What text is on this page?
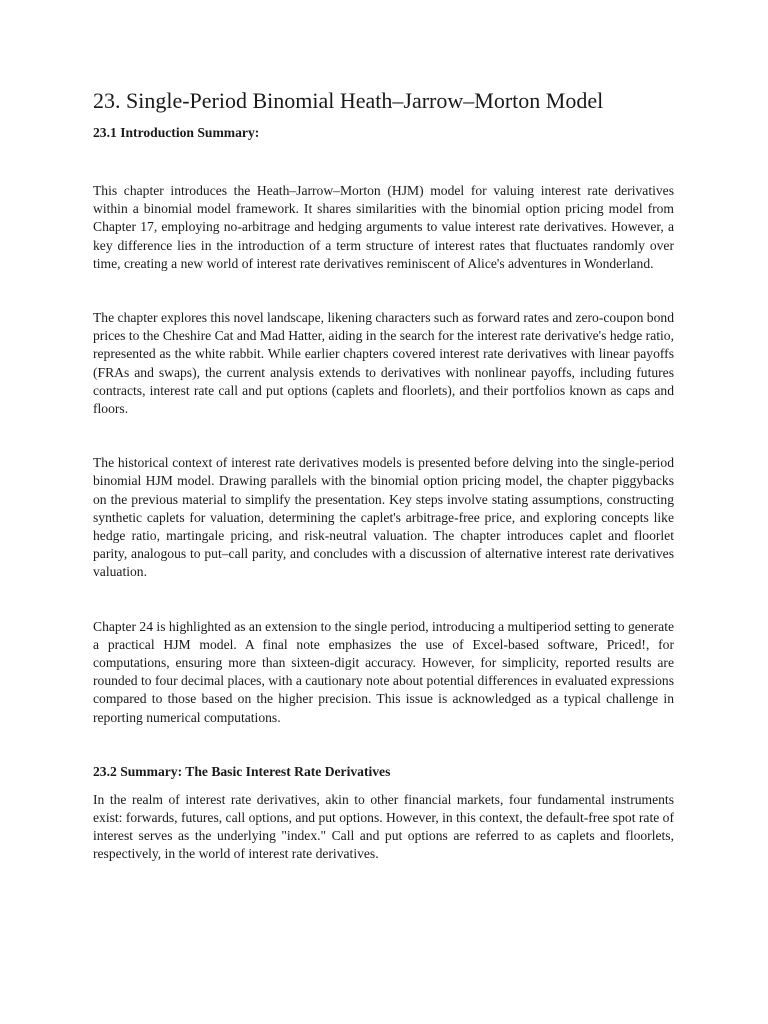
23. Single-Period Binomial Heath–Jarrow–Morton Model
23.1 Introduction Summary:

This chapter introduces the Heath–Jarrow–Morton (HJM) model for valuing interest rate derivatives within a binomial model framework. It shares similarities with the binomial option pricing model from Chapter 17, employing no-arbitrage and hedging arguments to value interest rate derivatives. However, a key difference lies in the introduction of a term structure of interest rates that fluctuates randomly over time, creating a new world of interest rate derivatives reminiscent of Alice's adventures in Wonderland.

The chapter explores this novel landscape, likening characters such as forward rates and zero-coupon bond prices to the Cheshire Cat and Mad Hatter, aiding in the search for the interest rate derivative's hedge ratio, represented as the white rabbit. While earlier chapters covered interest rate derivatives with linear payoffs (FRAs and swaps), the current analysis extends to derivatives with nonlinear payoffs, including futures contracts, interest rate call and put options (caplets and floorlets), and their portfolios known as caps and floors.

The historical context of interest rate derivatives models is presented before delving into the single-period binomial HJM model. Drawing parallels with the binomial option pricing model, the chapter piggybacks on the previous material to simplify the presentation. Key steps involve stating assumptions, constructing synthetic caplets for valuation, determining the caplet's arbitrage-free price, and exploring concepts like hedge ratio, martingale pricing, and risk-neutral valuation. The chapter introduces caplet and floorlet parity, analogous to put–call parity, and concludes with a discussion of alternative interest rate derivatives valuation.

Chapter 24 is highlighted as an extension to the single period, introducing a multiperiod setting to generate a practical HJM model. A final note emphasizes the use of Excel-based software, Priced!, for computations, ensuring more than sixteen-digit accuracy. However, for simplicity, reported results are rounded to four decimal places, with a cautionary note about potential differences in evaluated expressions compared to those based on the higher precision. This issue is acknowledged as a typical challenge in reporting numerical computations.

23.2 Summary: The Basic Interest Rate Derivatives

In the realm of interest rate derivatives, akin to other financial markets, four fundamental instruments exist: forwards, futures, call options, and put options. However, in this context, the default-free spot rate of interest serves as the underlying "index." Call and put options are referred to as caplets and floorlets, respectively, in the world of interest rate derivatives.
